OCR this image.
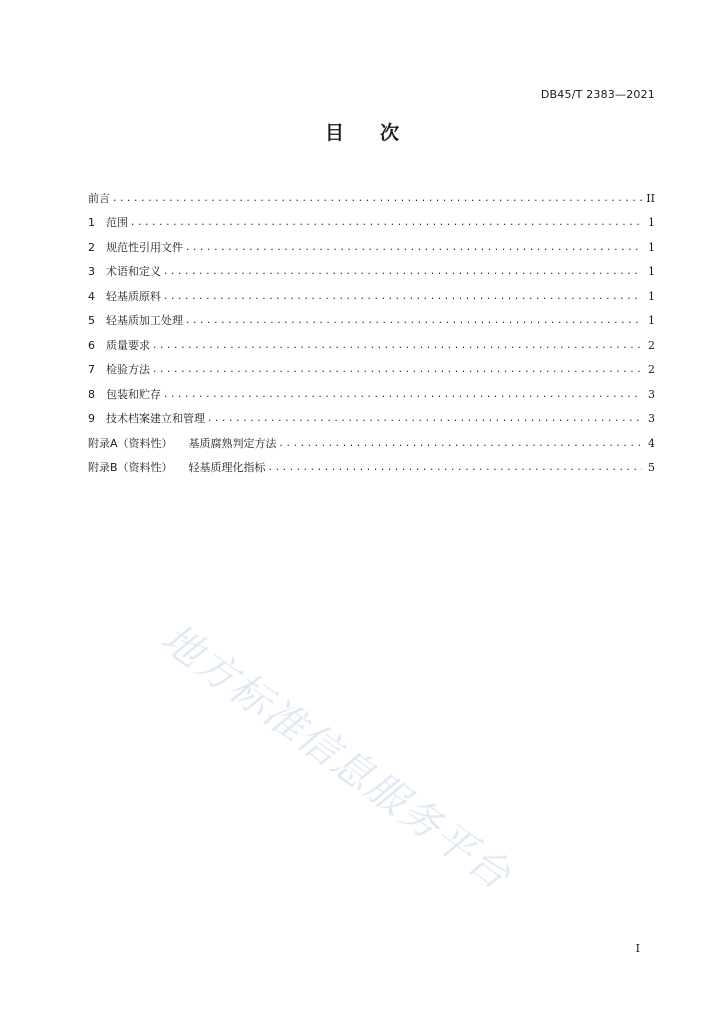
DB45/T 2383—2021
目次
前言 .....	II
1	范围 .....	1
2	规范性引用文件 .....	1
3	术语和定义 .....	1
4	轻基质原料 .....	1
5	轻基质加工处理 .....	1
6	质量要求 .....	2
7	检验方法 .....	2
8	包装和贮存 .....	3
9	技术档案建立和管理 .....	3
附录A（资料性） 基质腐熟判定方法 .....	4
附录B（资料性） 轻基质理化指标 .....	5
地方标准信息服务平台
I
